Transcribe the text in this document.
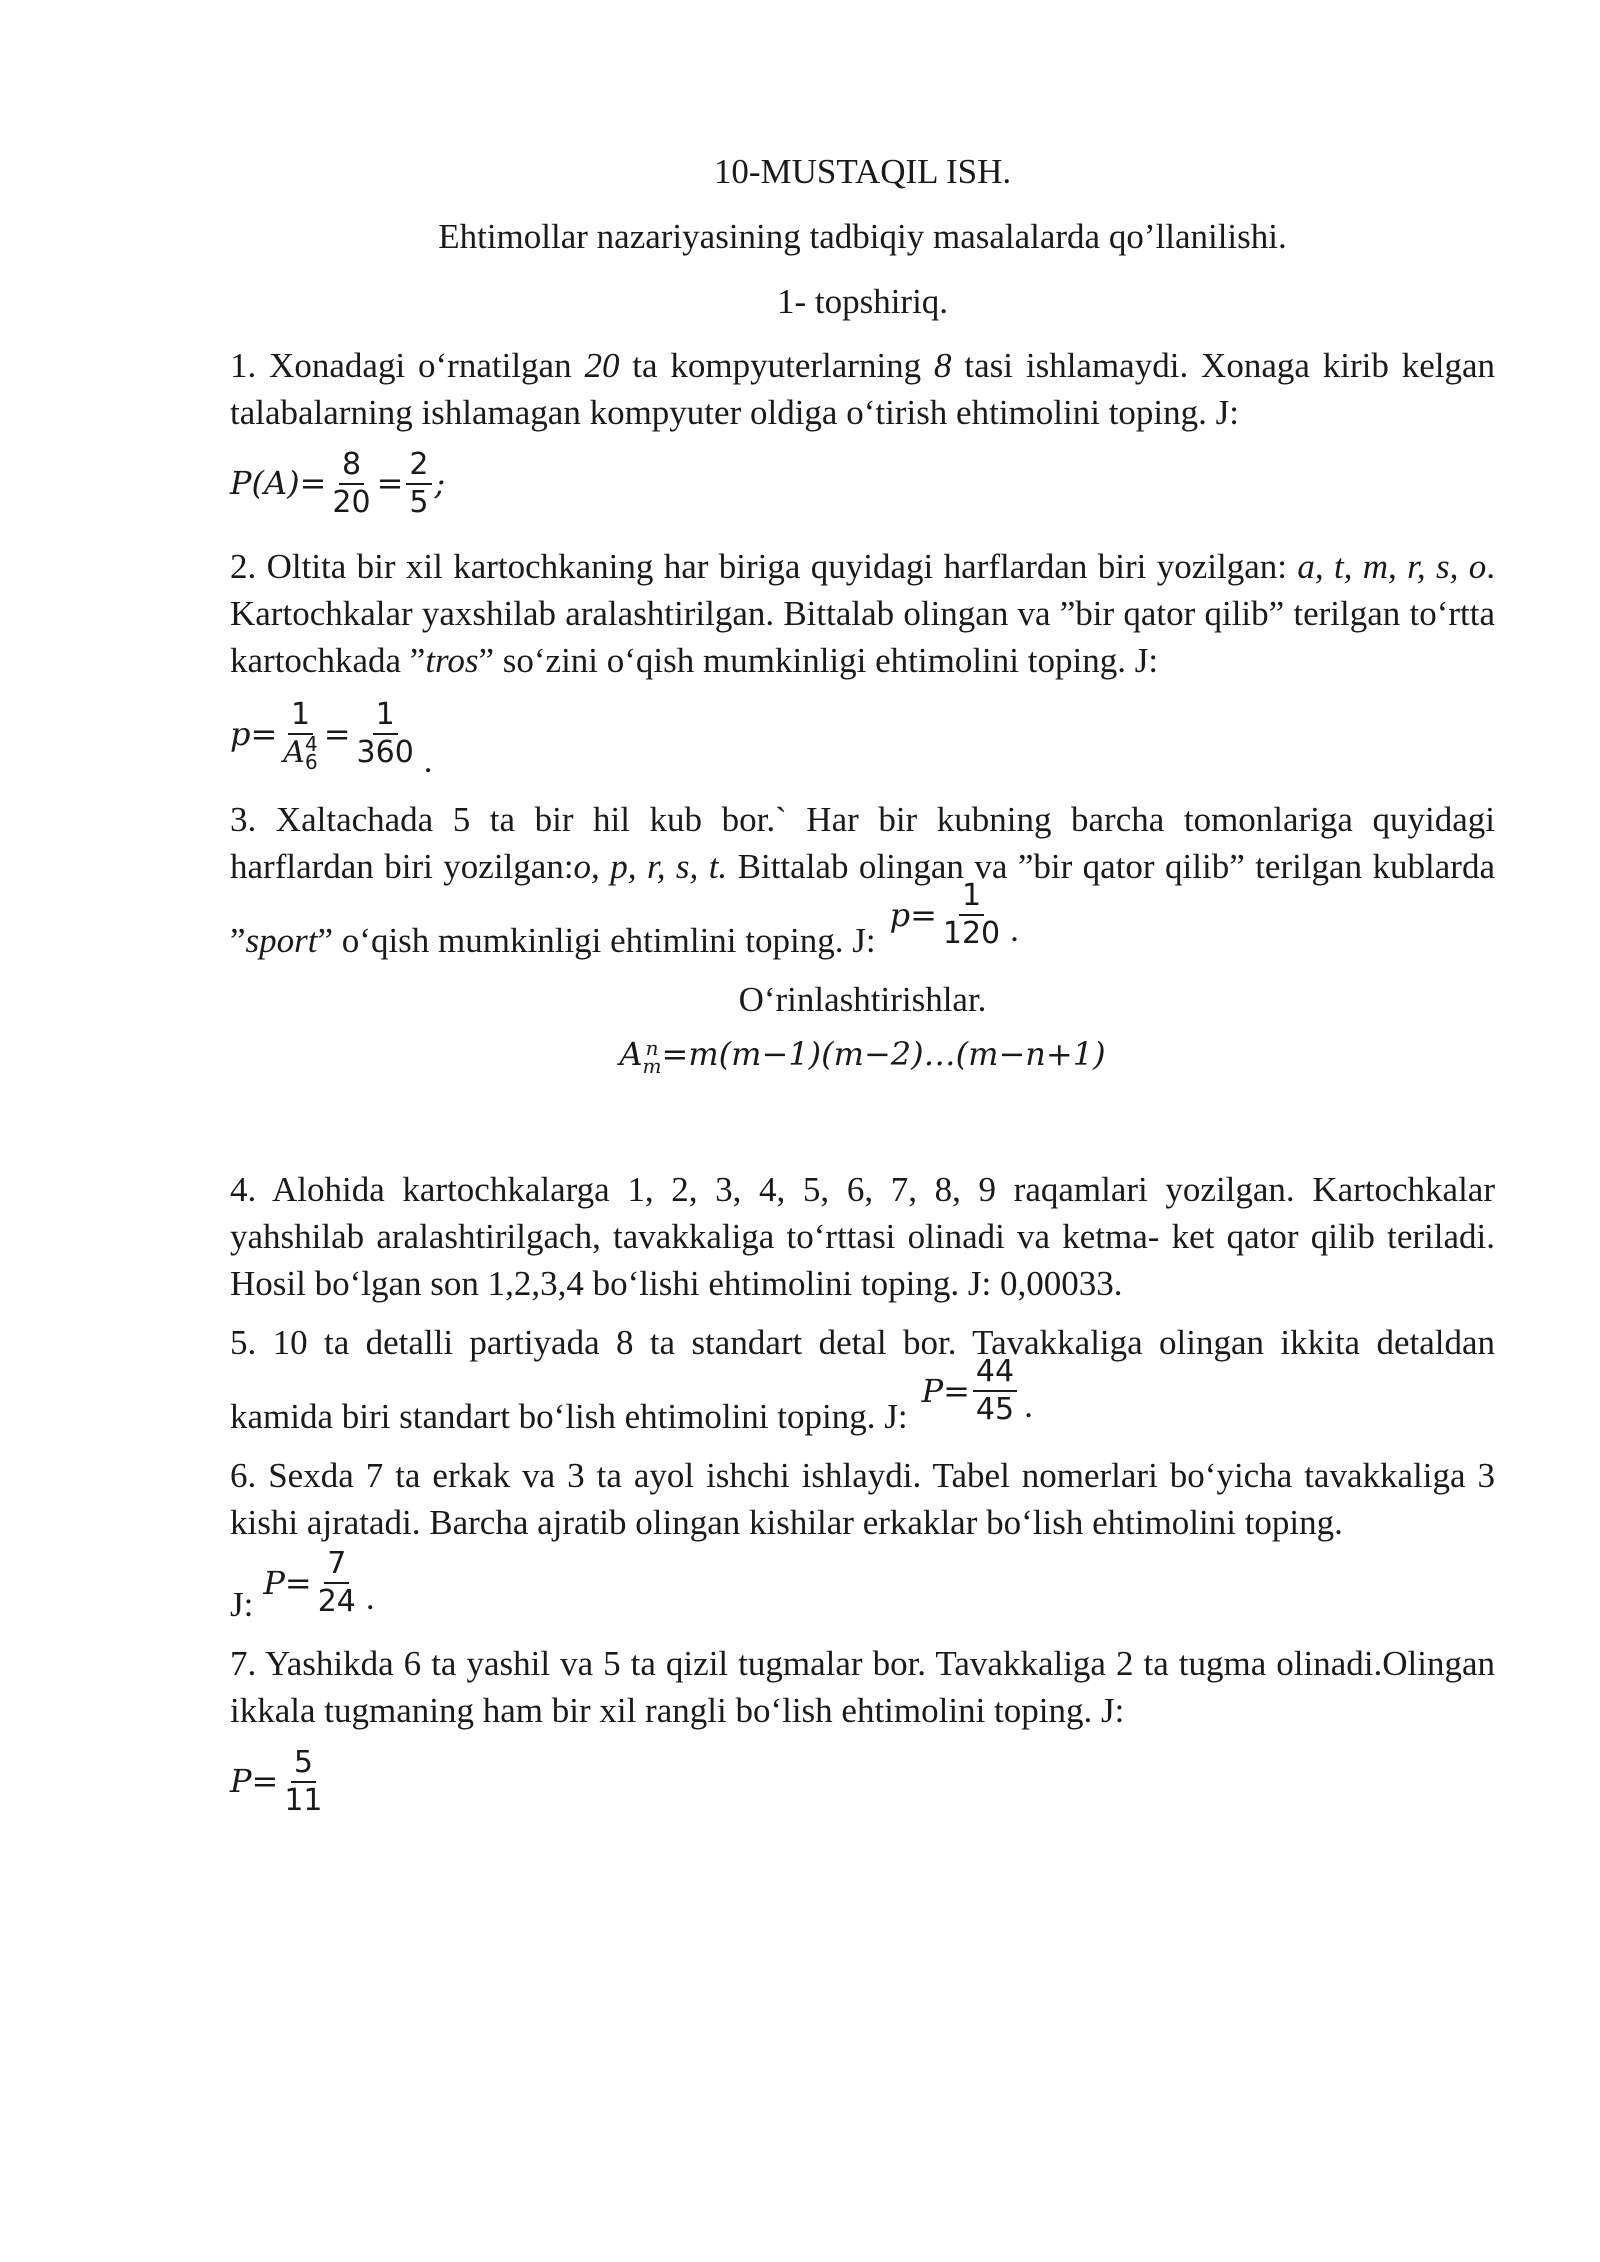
10-MUSTAQIL ISH.

Ehtimollar nazariyasining tadbiqiy masalalarda qo’llanilishi.

1- topshiriq.

1. Xonadagi o‘rnatilgan 20 ta kompyuterlarning 8 tasi ishlamaydi. Xonaga kirib kelgan talabalarning ishlamagan kompyuter oldiga o‘tirish ehtimolini toping. J:

$P(A)= \frac{8}{20} = \frac{2}{5}$ ;

2. Oltita bir xil kartochkaning har biriga quyidagi harflardan biri yozilgan: a, t, m, r, s, o. Kartochkalar yaxshilab aralashtirilgan. Bittalab olingan va ”bir qator qilib” terilgan to‘rtta kartochkada ”tros” so‘zini o‘qish mumkinligi ehtimolini toping. J:

p= 1
A 4
$6 = \frac{1}{360}$ .

3. Xaltachada 5 ta bir hil kub bor.` Har bir kubning barcha tomonlariga quyidagi harflardan biri yozilgan:o, p, r, s, t. Bittalab olingan va ”bir qator qilib” terilgan kublarda ”sport” o‘qish mumkinligi ehtimlini toping. J:
$p= \frac{1}{120}$ .

O‘rinlashtirishlar.

A n
m =m(m−1)(m−2)…(m−n+1)

4. Alohida kartochkalarga 1, 2, 3, 4, 5, 6, 7, 8, 9 raqamlari yozilgan. Kartochkalar yahshilab aralashtirilgach, tavakkaliga to‘rttasi olinadi va ketma- ket qator qilib teriladi. Hosil bo‘lgan son 1,2,3,4 bo‘lishi ehtimolini toping. J: 0,00033.

5. 10 ta detalli partiyada 8 ta standart detal bor. Tavakkaliga olingan ikkita detaldan kamida biri standart bo‘lish ehtimolini toping. J:
$P= \frac{44}{45}$ .

6. Sexda 7 ta erkak va 3 ta ayol ishchi ishlaydi. Tabel nomerlari bo‘yicha tavakkaliga 3 kishi ajratadi. Barcha ajratib olingan kishilar erkaklar bo‘lish ehtimolini toping.

J:
$P= \frac{7}{24}$ .

7. Yashikda 6 ta yashil va 5 ta qizil tugmalar bor. Tavakkaliga 2 ta tugma olinadi.Olingan ikkala tugmaning ham bir xil rangli bo‘lish ehtimolini toping. J:

$P= \frac{5}{11}$
